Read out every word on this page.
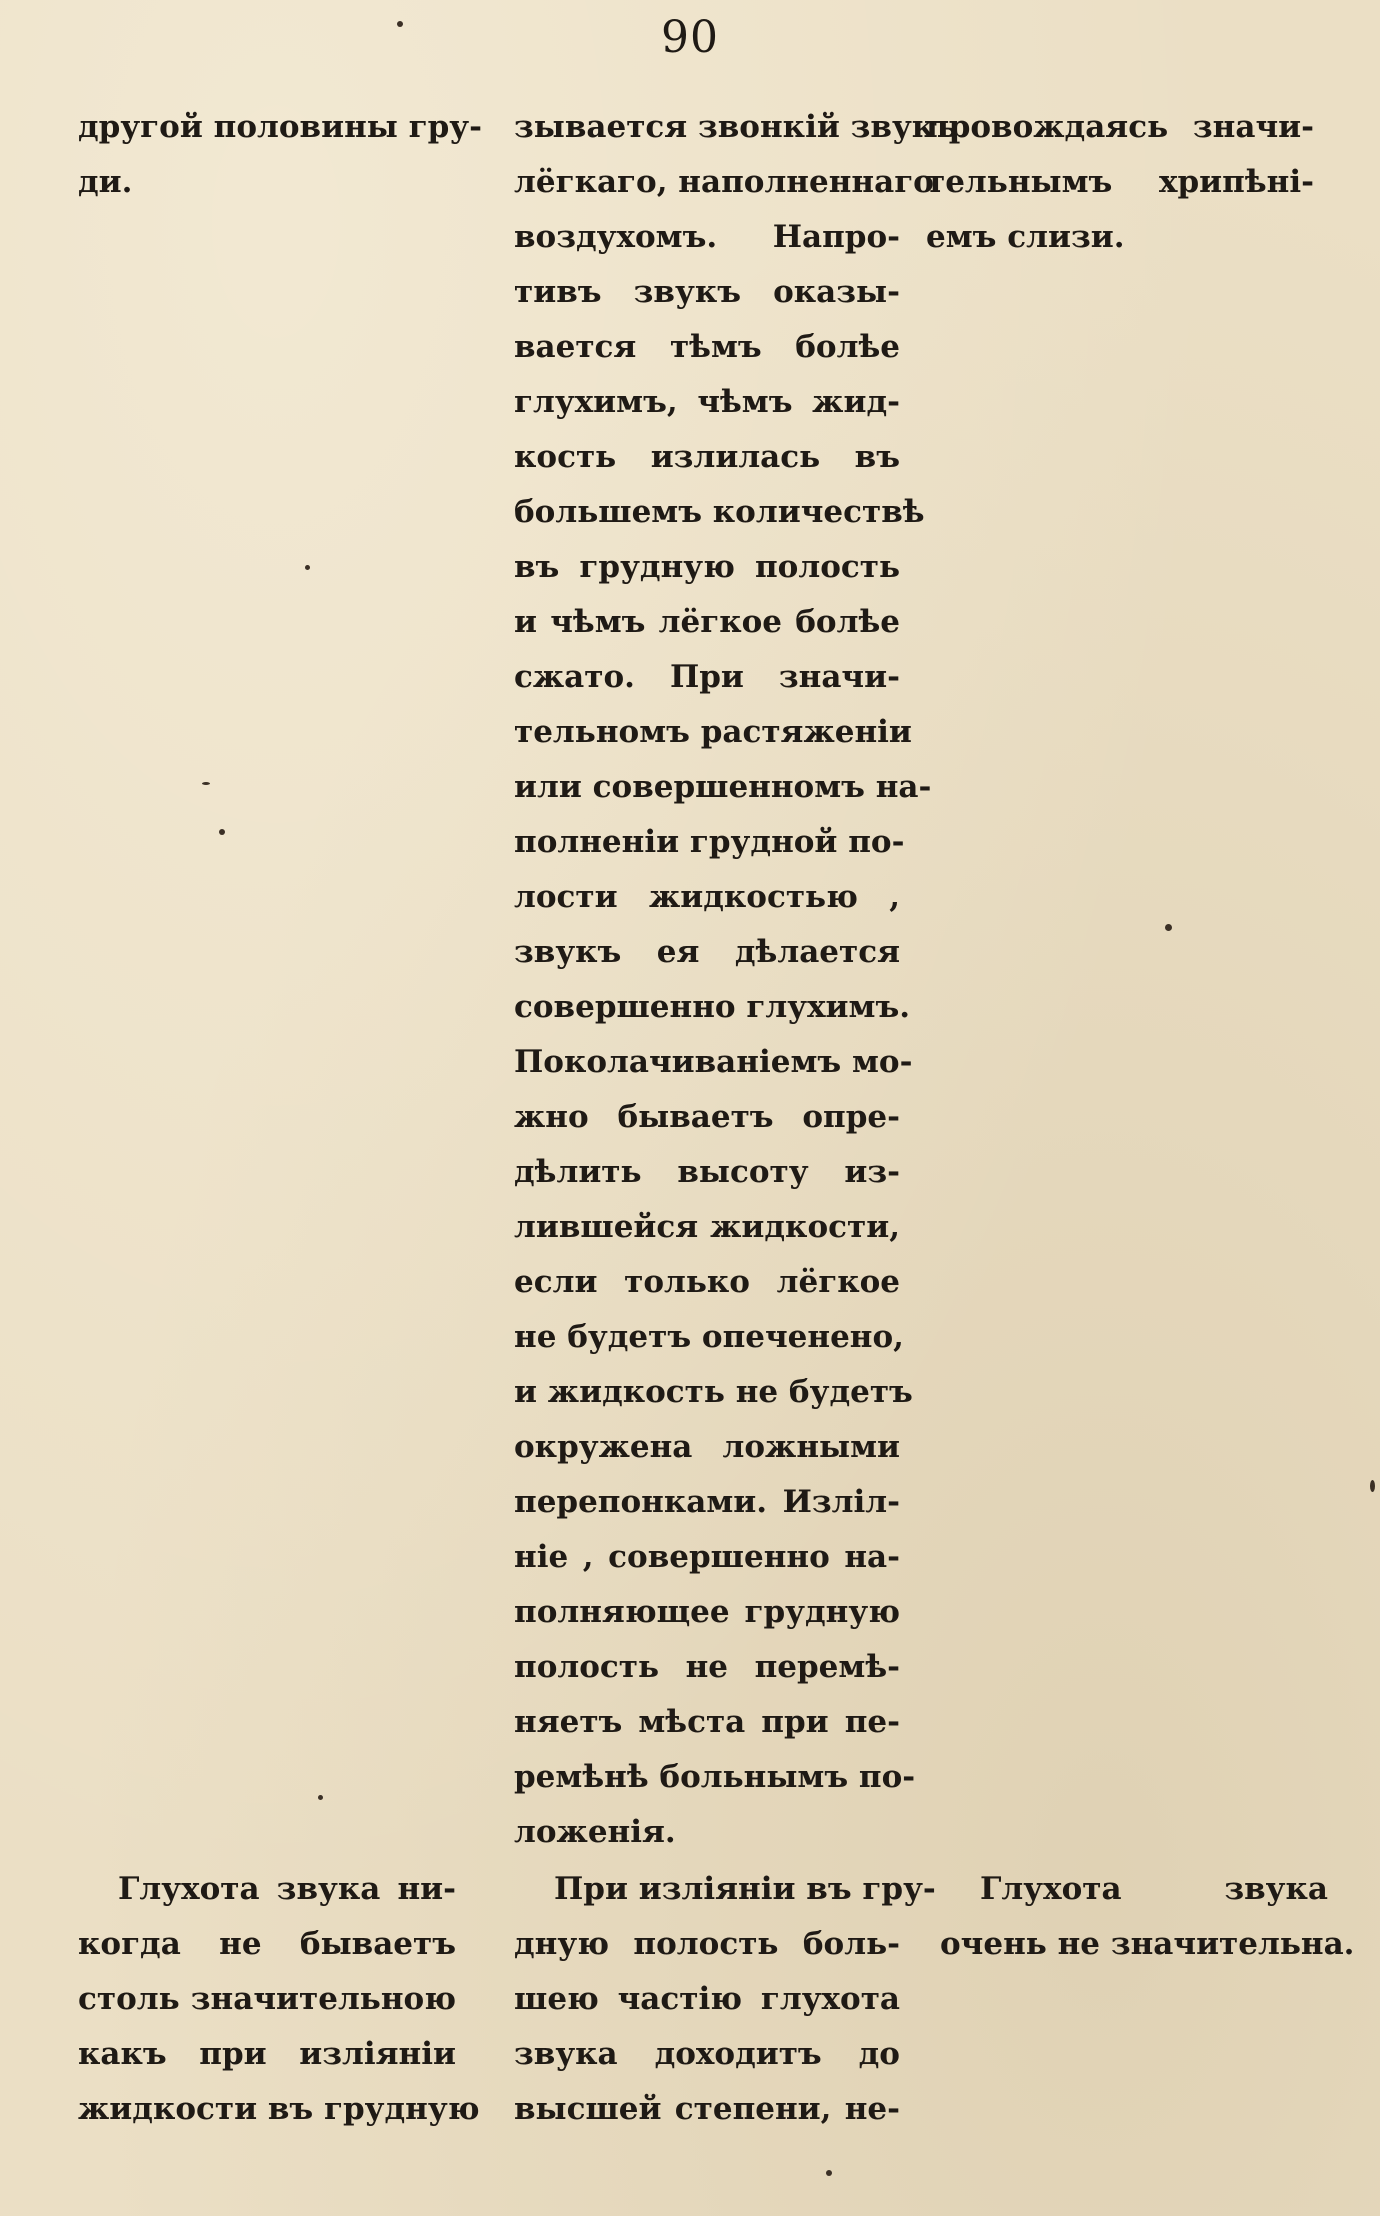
90
другой половины гру-
ди.
зывается звонкій звукъ
лёгкаго, наполненнаго
воздухомъ. Напро-
тивъ звукъ оказы-
вается тѣмъ болѣе
глухимъ, чѣмъ жид-
кость излилась въ
большемъ количествѣ
въ грудную полость
и чѣмъ лёгкое болѣе
сжато. При значи-
тельномъ растяженіи
или совершенномъ на-
полненіи грудной по-
лости жидкостью ,
звукъ ея дѣлается
совершенно глухимъ.
Поколачиваніемъ мо-
жно бываетъ опре-
дѣлить высоту из-
лившейся жидкости,
если только лёгкое
не будетъ опеченено,
и жидкость не будетъ
окружена ложными
перепонками. Изліл-
ніе , совершенно на-
полняющее грудную
полость не перемѣ-
няетъ мѣста при пе-
ремѣнѣ больнымъ по-
ложенія.
провождаясь значи-
тельнымъ хрипѣні-
емъ слизи.
Глухота звука ни-
когда не бываетъ
столь значительною
какъ при изліяніи
жидкости въ грудную
При изліяніи въ гру-
дную полость боль-
шею частію глухота
звука доходитъ до
высшей степени, не-
Глухота звука
очень не значительна.
